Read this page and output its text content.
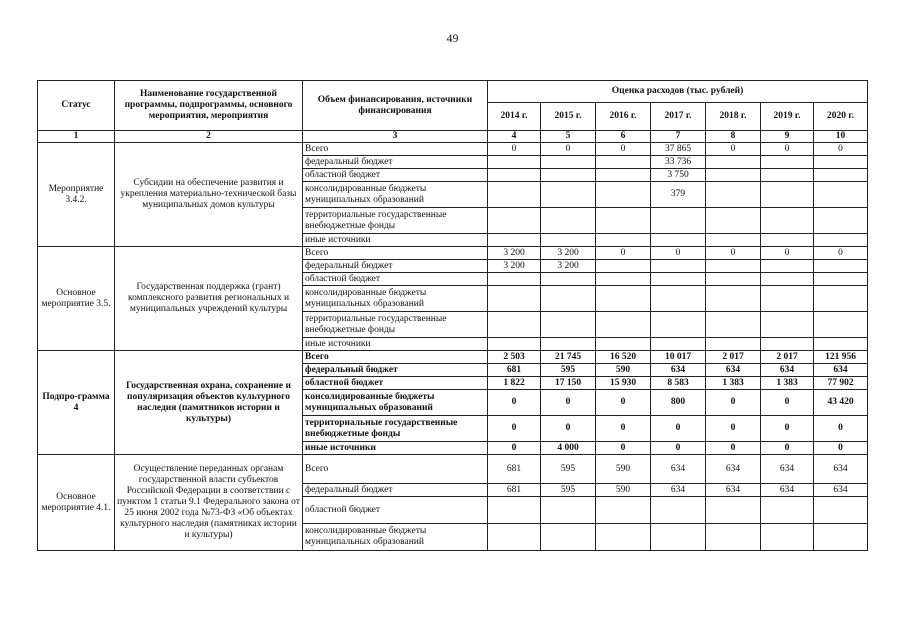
49
Статус	Наименование государственной программы, подпрограммы, основного мероприятия, мероприятия	Объем финансирования, источники финансирования	Оценка расходов (тыс. рублей)						
			2014 г.	2015 г.	2016 г.	2017 г.	2018 г.	2019 г.	2020 г.
1	2	3	4	5	6	7	8	9	10
Мероприятие 3.4.2.	Субсидии на обеспечение развития и укрепления материально-технической базы муниципальных домов культуры	Всего	0	0	0	37 865	0	0	0
		федеральный бюджет				33 736			
		областной бюджет				3 750			
		консолидированные бюджеты муниципальных образований				379			
		территориальные государственные внебюджетные фонды							
		иные источники							
Основное мероприятие 3.5.	Государственная поддержка (грант) комплексного развития региональных и муниципальных учреждений культуры	Всего	3 200	3 200	0	0	0	0	0
		федеральный бюджет	3 200	3 200					
		областной бюджет							
		консолидированные бюджеты муниципальных образований							
		территориальные государственные внебюджетные фонды							
		иные источники							
Подпро-грамма 4	Государственная охрана, сохранение и популяризация объектов культурного наследия (памятников истории и культуры)	Всего	2 503	21 745	16 520	10 017	2 017	2 017	121 956
		федеральный бюджет	681	595	590	634	634	634	634
		областной бюджет	1 822	17 150	15 930	8 583	1 383	1 383	77 902
		консолидированные бюджеты муниципальных образований	0	0	0	800	0	0	43 420
		территориальные государственные внебюджетные фонды	0	0	0	0	0	0	0
		иные источники	0	4 000	0	0	0	0	0
Основное мероприятие 4.1.	Осуществление переданных органам государственной власти субъектов Российской Федерации в соответствии с пунктом 1 статьи 9.1 Федерального закона от 25 июня 2002 года №73-ФЗ «Об объектах культурного наследия (памятниках истории и культуры)	Всего	681	595	590	634	634	634	634
		федеральный бюджет	681	595	590	634	634	634	634
		областной бюджет							
		консолидированные бюджеты муниципальных образований							
